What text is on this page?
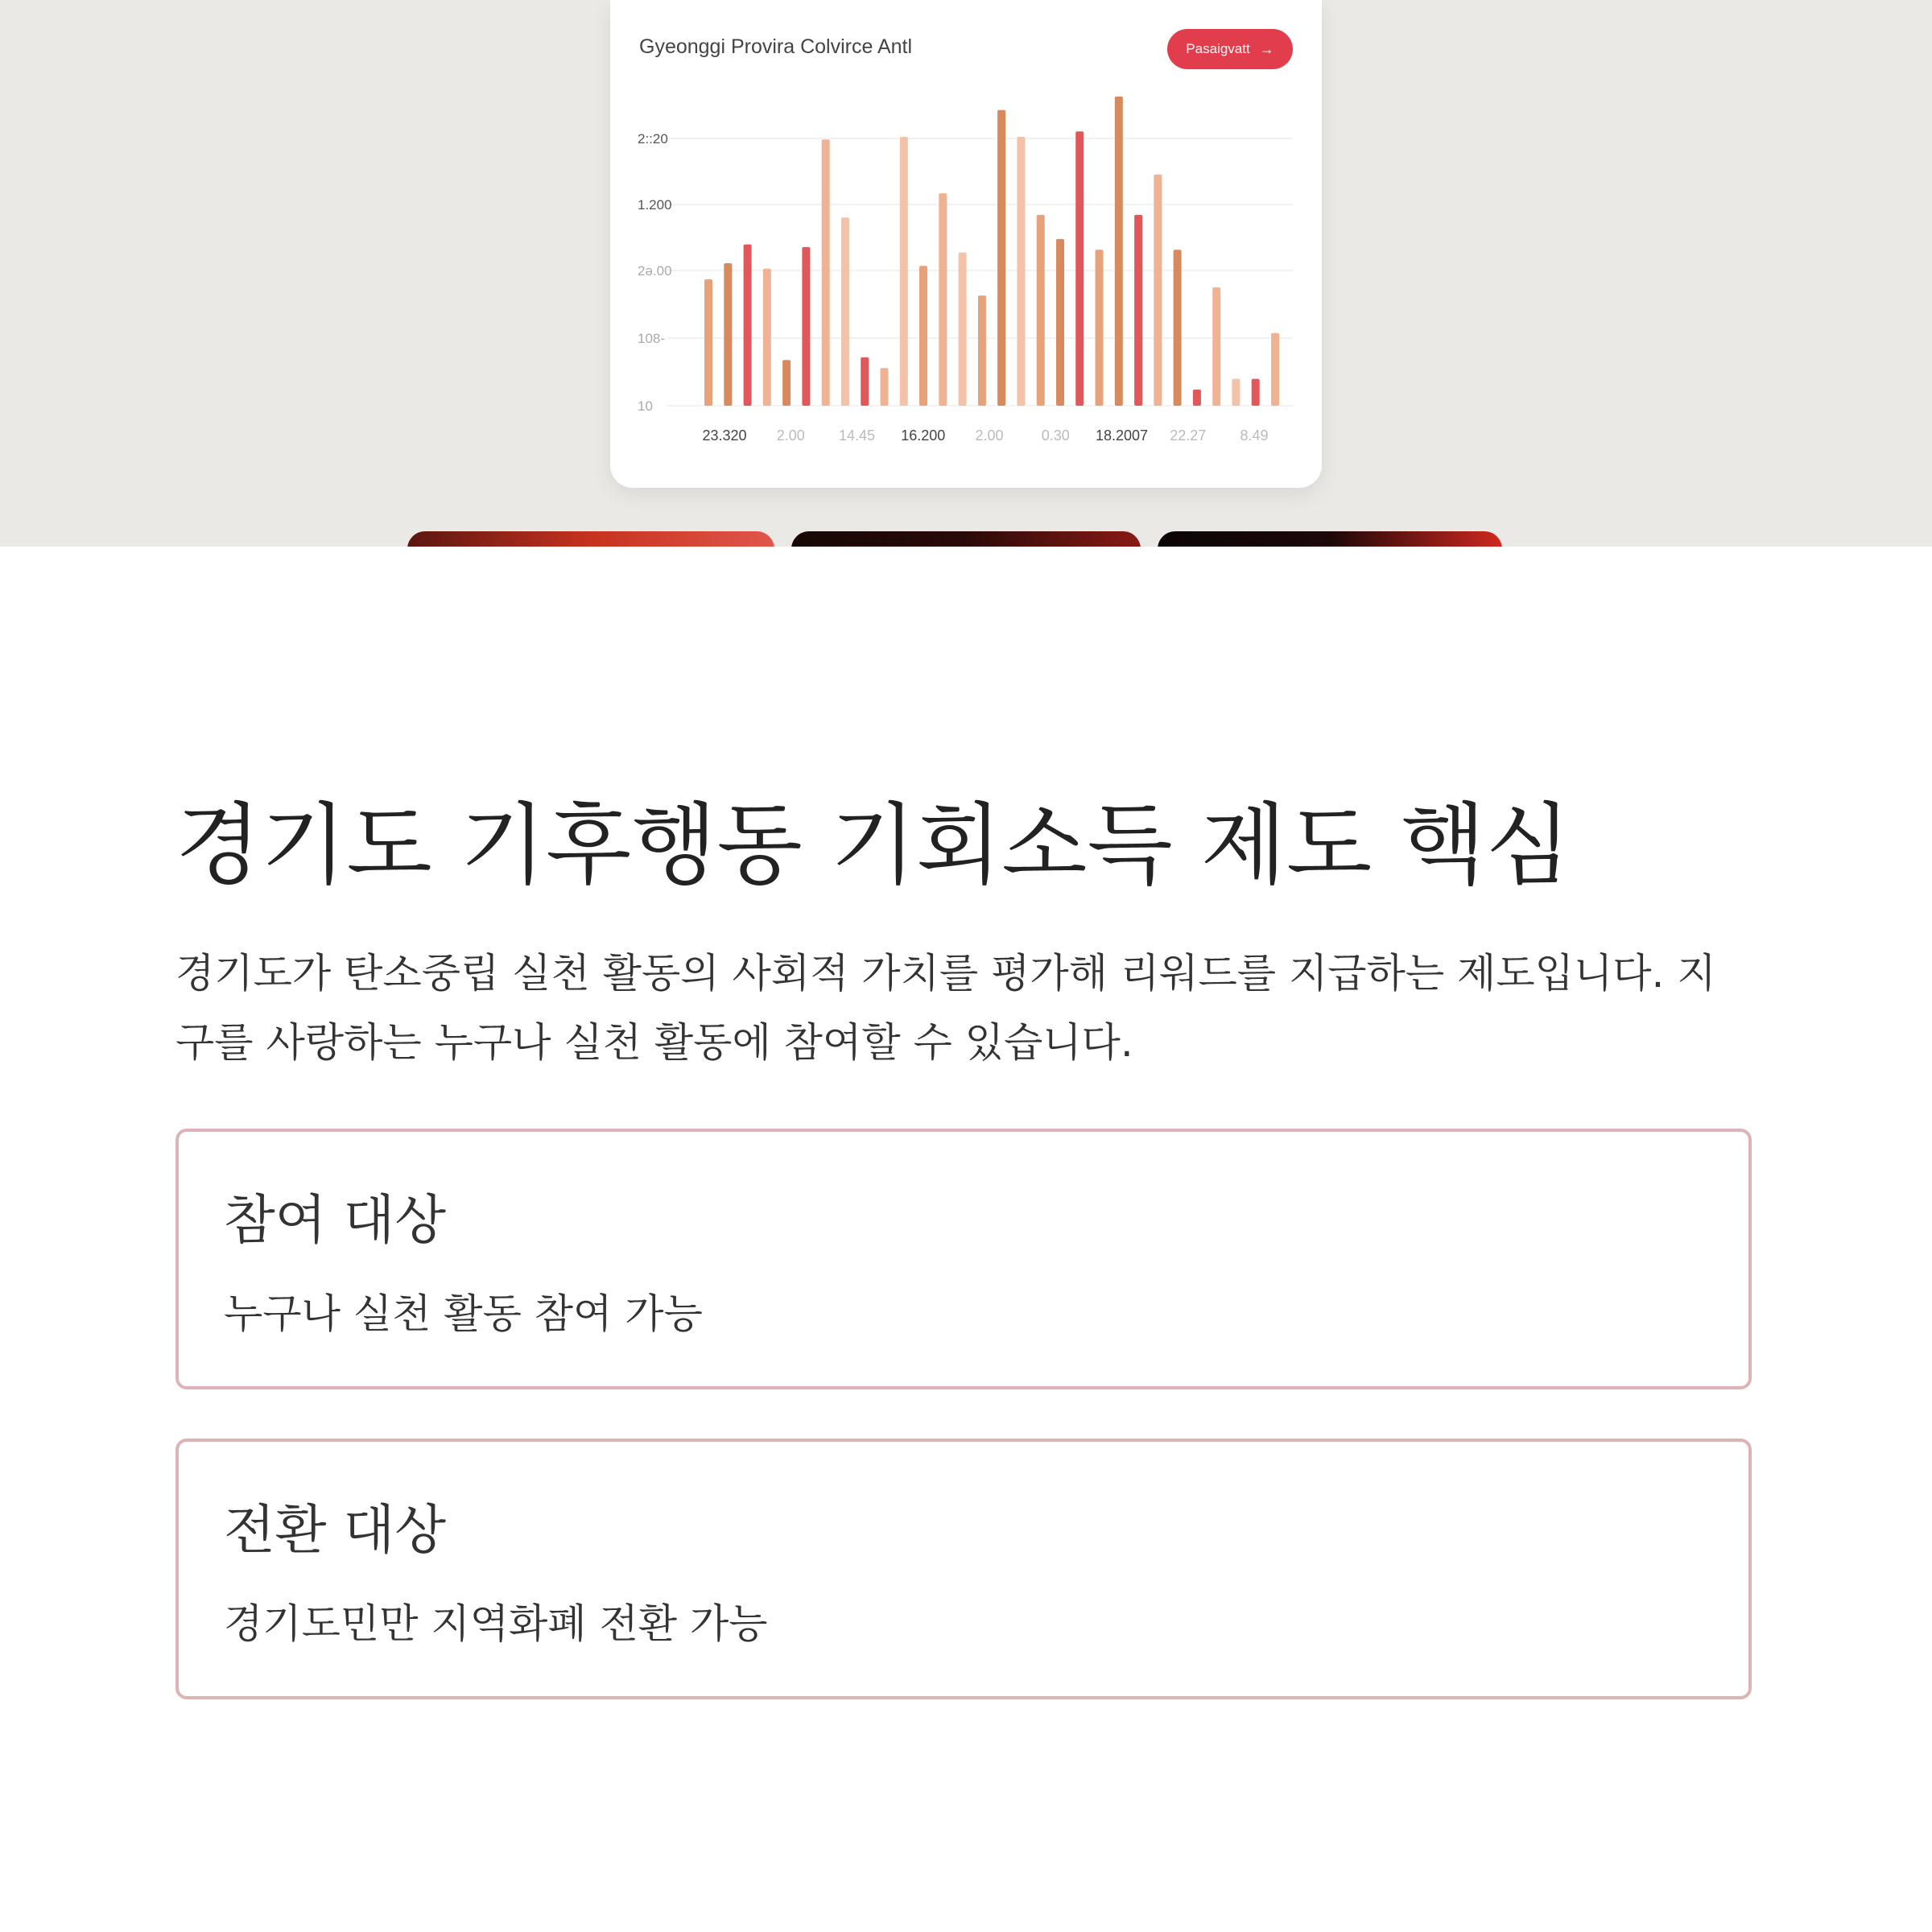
2::20
1.200
2ə.00
108-
10
23.320 2.00 14.45 16.200 2.00	0.30 18.2007 22.27 8.49
Gyeonggi Provira Colvirce Antl	Pasaigvatt →
경기도 기후행동 기회소득 제도 핵심

경기도가 탄소중립 실천 활동의 사회적 가치를 평가해 리워드를 지급하는 제도입니다. 지구를 사랑하는 누구나 실천 활동에 참여할 수 있습니다.

참여 대상

누구나 실천 활동 참여 가능

전환 대상

경기도민만 지역화폐 전환 가능
